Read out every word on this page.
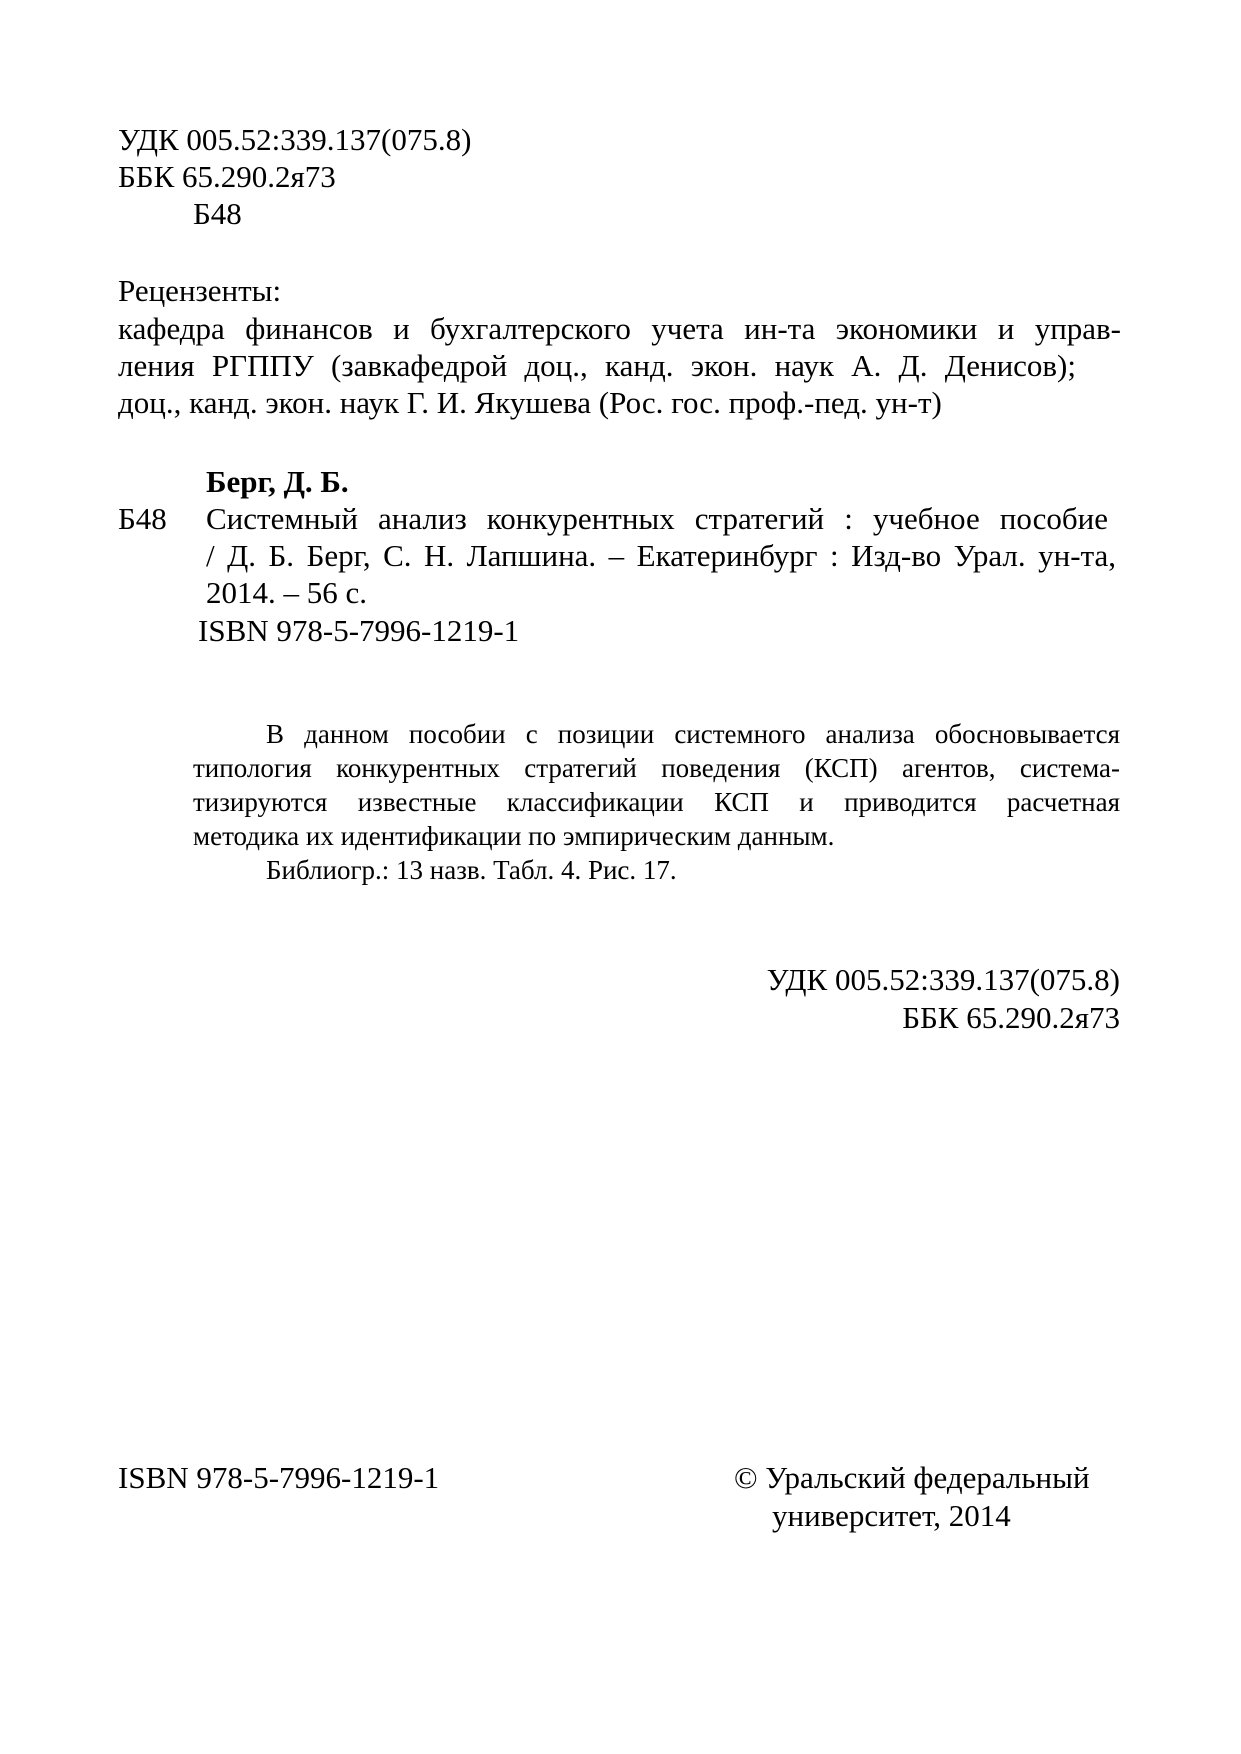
УДК 005.52:339.137(075.8)
ББК 65.290.2я73
Б48
Рецензенты:
кафедра финансов и бухгалтерского учета ин-та экономики и управ-
ления РГППУ (завкафедрой доц., канд. экон. наук А. Д. Денисов);
доц., канд. экон. наук Г. И. Якушева (Рос. гос. проф.-пед. ун-т)
Берг, Д. Б.
Б48 Системный анализ конкурентных стратегий : учебное пособие
/ Д. Б. Берг, С. Н. Лапшина. – Екатеринбург : Изд-во Урал. ун-та,
2014. – 56 с.
ISBN 978-5-7996-1219-1
В данном пособии с позиции системного анализа обосновывается
типология конкурентных стратегий поведения (КСП) агентов, система-
тизируются известные классификации КСП и приводится расчетная
методика их идентификации по эмпирическим данным.
Библиогр.: 13 назв. Табл. 4. Рис. 17.
УДК 005.52:339.137(075.8)
ББК 65.290.2я73
ISBN 978-5-7996-1219-1	© Уральский федеральный
университет, 2014
